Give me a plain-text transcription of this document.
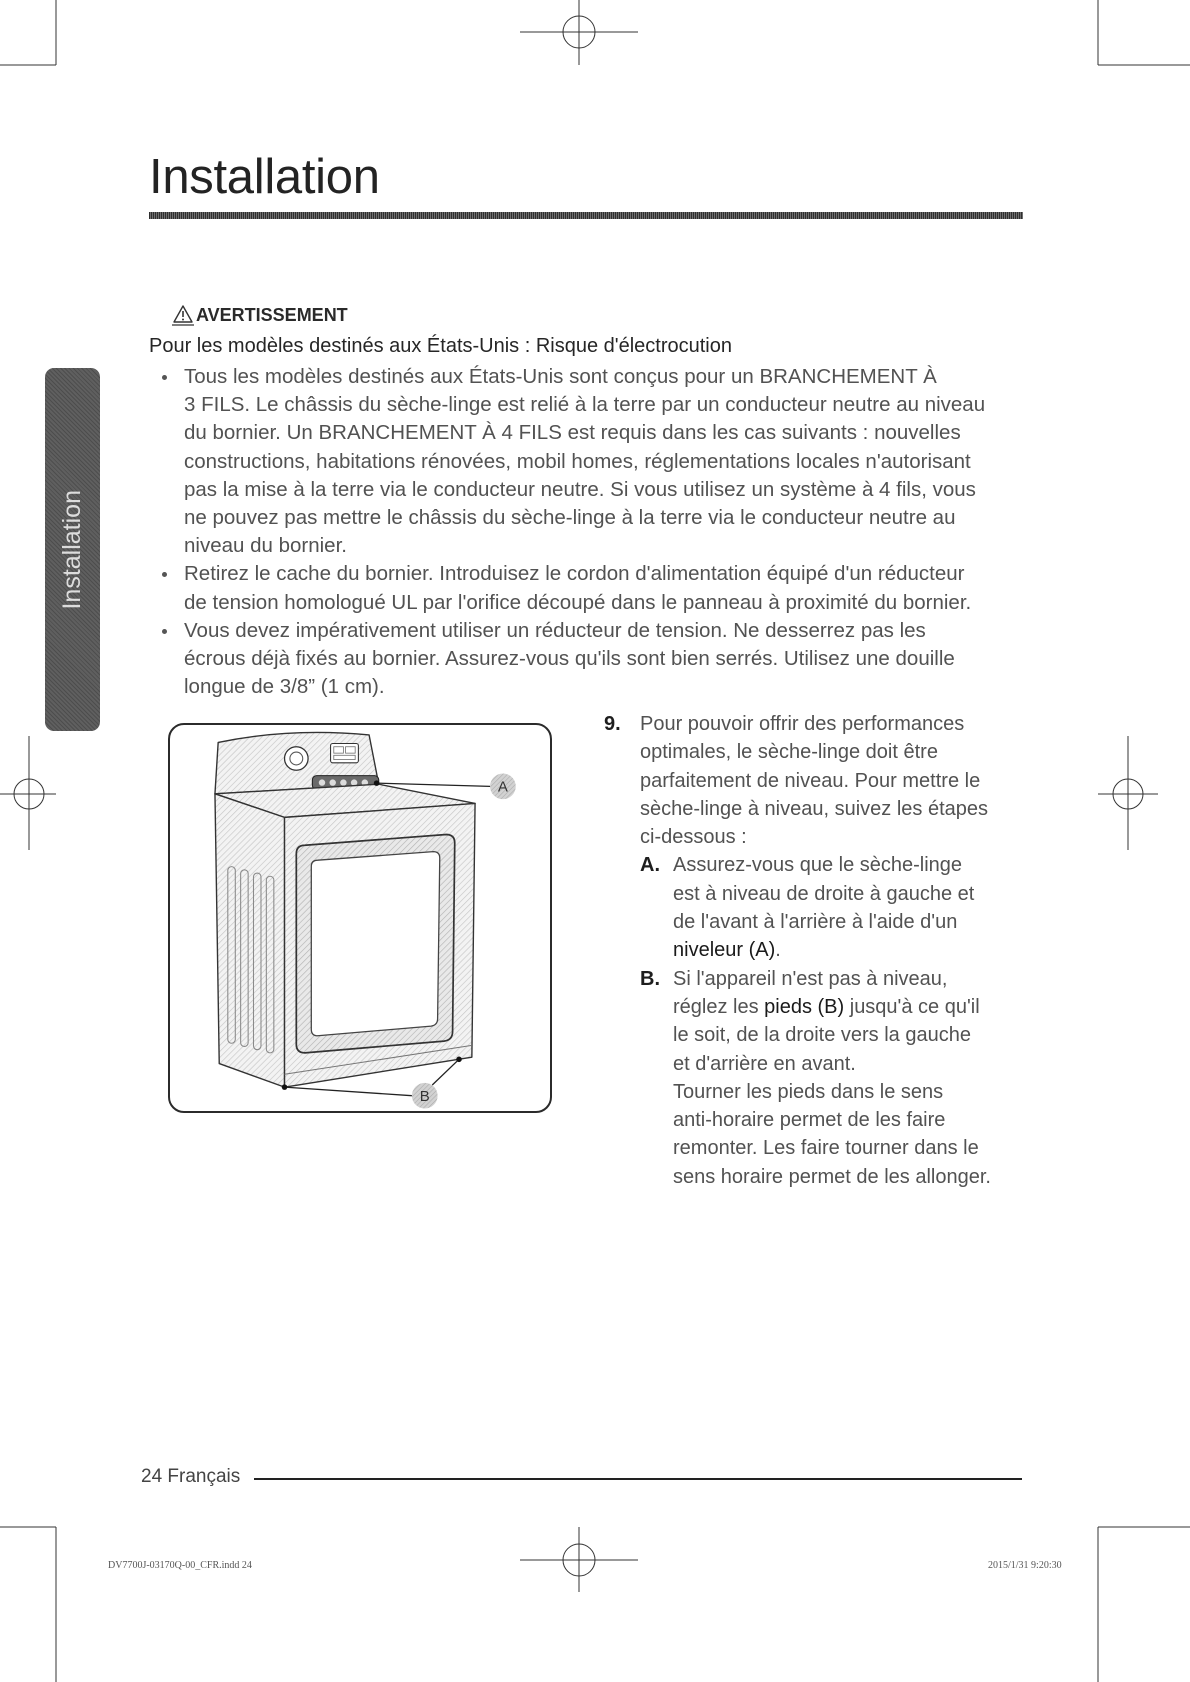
Installation
Installation
AVERTISSEMENT
Pour les modèles destinés aux États-Unis : Risque d'électrocution
Tous les modèles destinés aux États-Unis sont conçus pour un BRANCHEMENT À
3 FILS. Le châssis du sèche-linge est relié à la terre par un conducteur neutre au niveau
du bornier. Un BRANCHEMENT À 4 FILS est requis dans les cas suivants : nouvelles
constructions, habitations rénovées, mobil homes, réglementations locales n'autorisant
pas la mise à la terre via le conducteur neutre. Si vous utilisez un système à 4 fils, vous
ne pouvez pas mettre le châssis du sèche-linge à la terre via le conducteur neutre au
niveau du bornier.
Retirez le cache du bornier. Introduisez le cordon d'alimentation équipé d'un réducteur
de tension homologué UL par l'orifice découpé dans le panneau à proximité du bornier.
Vous devez impérativement utiliser un réducteur de tension. Ne desserrez pas les
écrous déjà fixés au bornier. Assurez-vous qu'ils sont bien serrés. Utilisez une douille
longue de 3/8” (1 cm).
A
B
9. Pour pouvoir offrir des performances
optimales, le sèche-linge doit être
parfaitement de niveau. Pour mettre le
sèche-linge à niveau, suivez les étapes
ci-dessous :
A. Assurez-vous que le sèche-linge
est à niveau de droite à gauche et
de l'avant à l'arrière à l'aide d'un
niveleur (A).
B. Si l'appareil n'est pas à niveau,
réglez les pieds (B) jusqu'à ce qu'il
le soit, de la droite vers la gauche
et d'arrière en avant.
Tourner les pieds dans le sens
anti-horaire permet de les faire
remonter. Les faire tourner dans le
sens horaire permet de les allonger.
24 Français
DV7700J-03170Q-00_CFR.indd 24	2015/1/31 9:20:30
